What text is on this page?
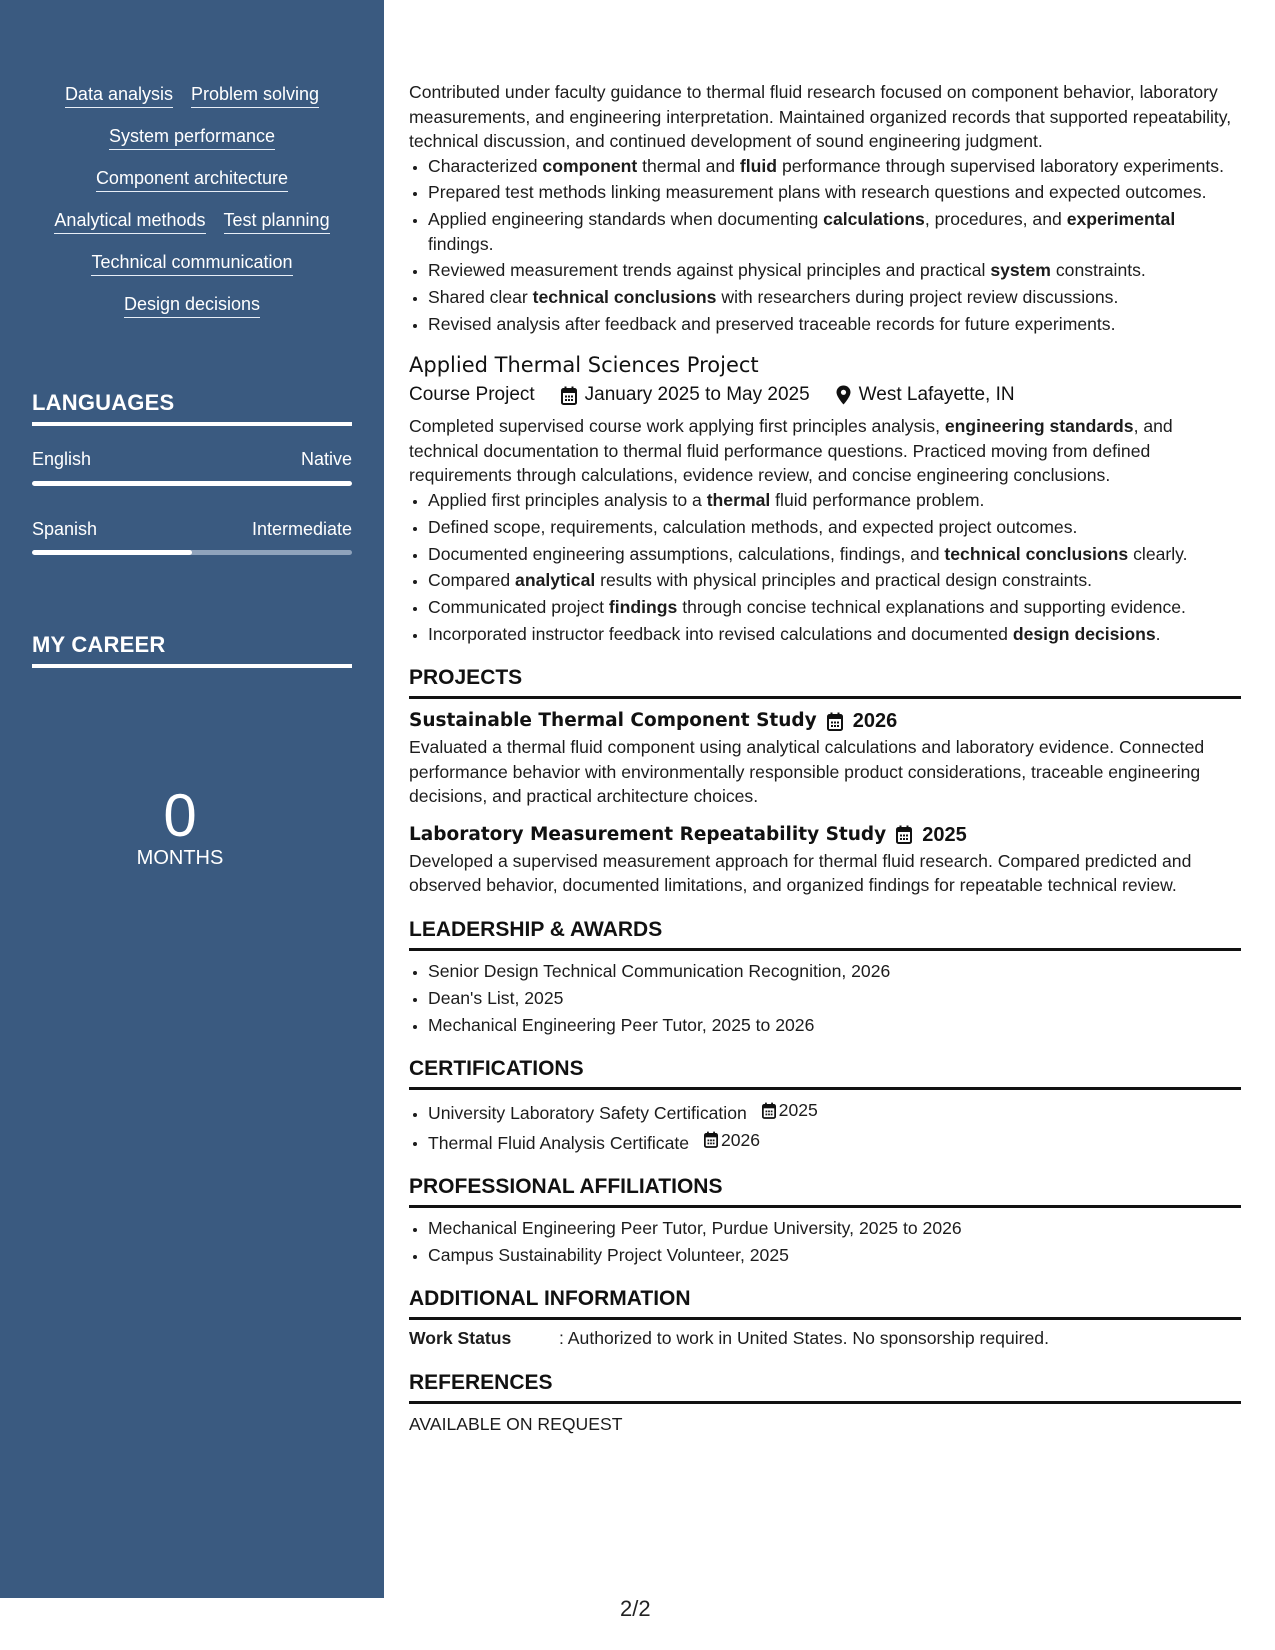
Data analysis Problem solving
System performance
Component architecture
Analytical methods Test planning
Technical communication
Design decisions
LANGUAGES
English	Native
Spanish	Intermediate
MY CAREER
0
MONTHS

Contributed under faculty guidance to thermal fluid research focused on component behavior, laboratory measurements, and engineering interpretation. Maintained organized records that supported repeatability, technical discussion, and continued development of sound engineering judgment.

• Characterized component thermal and fluid performance through supervised laboratory experiments.
• Prepared test methods linking measurement plans with research questions and expected outcomes.
• Applied engineering standards when documenting calculations, procedures, and experimental findings.
• Reviewed measurement trends against physical principles and practical system constraints.
• Shared clear technical conclusions with researchers during project review discussions.
• Revised analysis after feedback and preserved traceable records for future experiments.
Applied Thermal Sciences Project
Course Project	January 2025 to May 2025	West Lafayette, IN

Completed supervised course work applying first principles analysis, engineering standards, and technical documentation to thermal fluid performance questions. Practiced moving from defined requirements through calculations, evidence review, and concise engineering conclusions.

• Applied first principles analysis to a thermal fluid performance problem.
• Defined scope, requirements, calculation methods, and expected project outcomes.
• Documented engineering assumptions, calculations, findings, and technical conclusions clearly.
• Compared analytical results with physical principles and practical design constraints.
• Communicated project findings through concise technical explanations and supporting evidence.
• Incorporated instructor feedback into revised calculations and documented design decisions.
PROJECTS
Sustainable Thermal Component Study 2026

Evaluated a thermal fluid component using analytical calculations and laboratory evidence. Connected performance behavior with environmentally responsible product considerations, traceable engineering decisions, and practical architecture choices.

Laboratory Measurement Repeatability Study 2025

Developed a supervised measurement approach for thermal fluid research. Compared predicted and observed behavior, documented limitations, and organized findings for repeatable technical review.

LEADERSHIP & AWARDS
• Senior Design Technical Communication Recognition, 2026
• Dean's List, 2025
• Mechanical Engineering Peer Tutor, 2025 to 2026
CERTIFICATIONS
• University Laboratory Safety Certification 2025
• Thermal Fluid Analysis Certificate 2026
PROFESSIONAL AFFILIATIONS
• Mechanical Engineering Peer Tutor, Purdue University, 2025 to 2026
• Campus Sustainability Project Volunteer, 2025
ADDITIONAL INFORMATION
Work Status	: Authorized to work in United States. No sponsorship required.
REFERENCES

AVAILABLE ON REQUEST

2/2
